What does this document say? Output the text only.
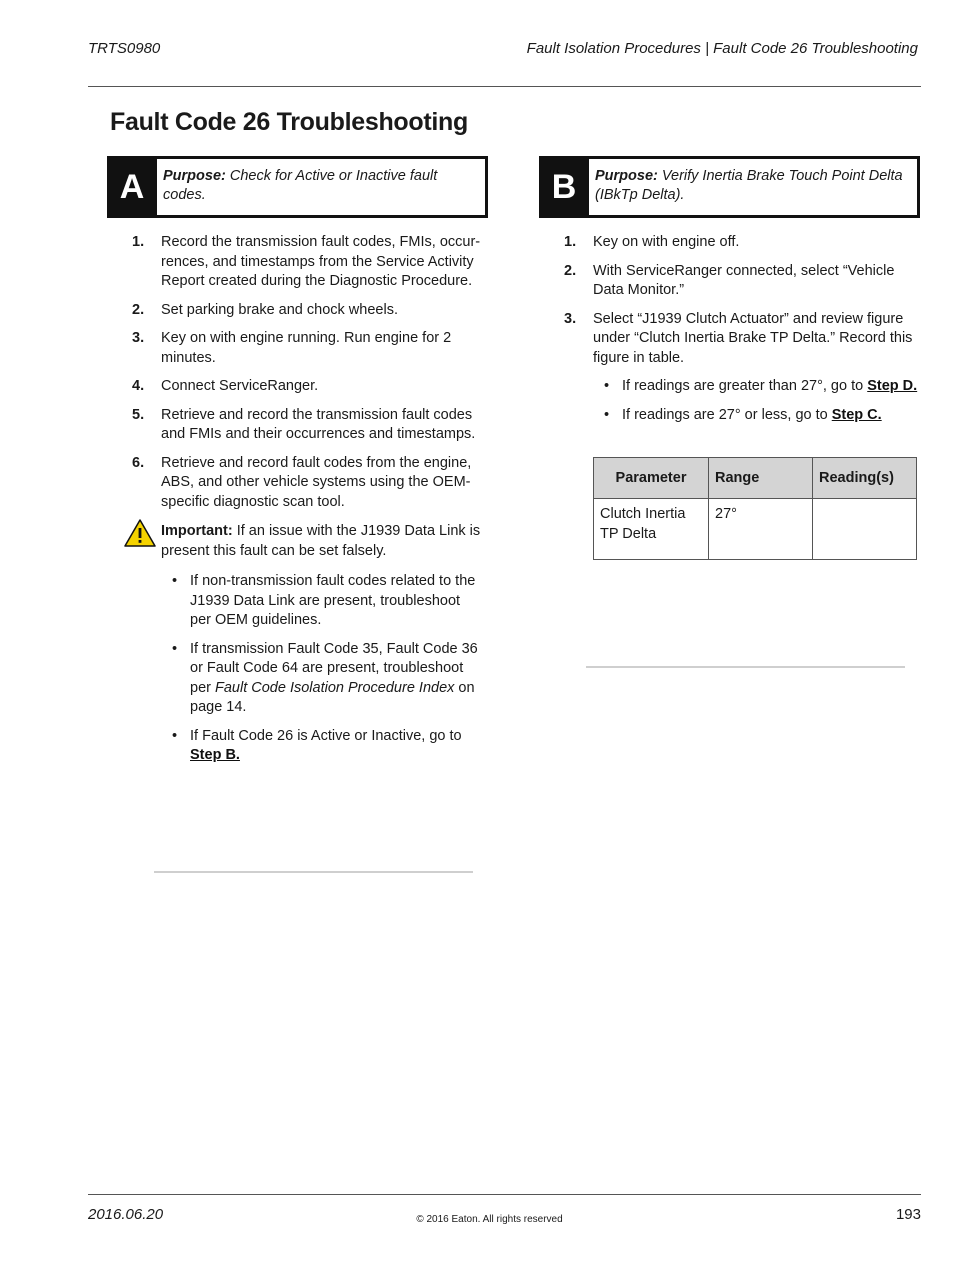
TRTS0980	Fault Isolation Procedures | Fault Code 26 Troubleshooting
Fault Code 26 Troubleshooting
A	Purpose: Check for Active or Inactive fault codes.	B	Purpose: Verify Inertia Brake Touch Point Delta (IBkTp Delta).
1. Record the transmission fault codes, FMIs, occur-rences, and timestamps from the Service Activity Report created during the Diagnostic Procedure.
2. Set parking brake and chock wheels.
3. Key on with engine running. Run engine for 2 minutes.
4. Connect ServiceRanger.
5. Retrieve and record the transmission fault codes and FMIs and their occurrences and timestamps.
6. Retrieve and record fault codes from the engine, ABS, and other vehicle systems using the OEM-specific diagnostic scan tool.
Important: If an issue with the J1939 Data Link is present this fault can be set falsely.
• If non-transmission fault codes related to the J1939 Data Link are present, troubleshoot per OEM guidelines.
• If transmission Fault Code 35, Fault Code 36 or Fault Code 64 are present, troubleshoot per Fault Code Isolation Procedure Index on page 14.
• If Fault Code 26 is Active or Inactive, go to Step B.
1. Key on with engine off.
2. With ServiceRanger connected, select “Vehicle Data Monitor.”
3. Select “J1939 Clutch Actuator” and review figure under “Clutch Inertia Brake TP Delta.” Record this figure in table.
• If readings are greater than 27°, go to Step D.
• If readings are 27° or less, go to Step C.
Parameter	Range	Reading(s)
Clutch Inertia TP Delta	27°	
2016.06.20	© 2016 Eaton. All rights reserved	193
